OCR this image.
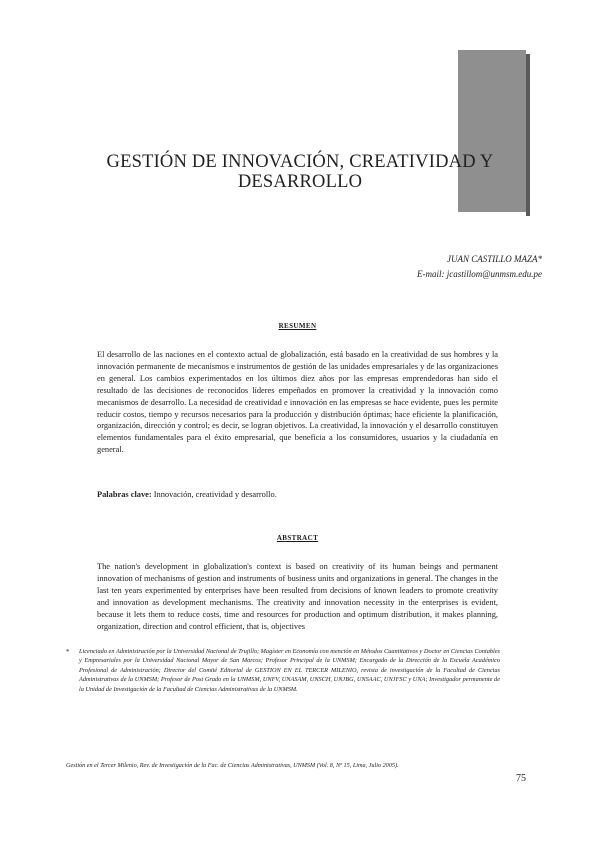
GESTIÓN DE INNOVACIÓN, CREATIVIDAD Y DESARROLLO
JUAN CASTILLO MAZA*
E-mail: jcastillom@unmsm.edu.pe
RESUMEN

El desarrollo de las naciones en el contexto actual de globalización, está basado en la creatividad de sus hombres y la innovación permanente de mecanismos e instrumentos de gestión de las unidades empresariales y de las organizaciones en general. Los cambios experimentados en los últimos diez años por las empresas emprendedoras han sido el resultado de las decisiones de reconocidos líderes empeñados en promover la creatividad y la innovación como mecanismos de desarrollo. La necesidad de creatividad e innovación en las empresas se hace evidente, pues les permite reducir costos, tiempo y recursos necesarios para la producción y distribución óptimas; hace eficiente la planificación, organización, dirección y control; es decir, se logran objetivos. La creatividad, la innovación y el desarrollo constituyen elementos fundamentales para el éxito empresarial, que beneficia a los consumidores, usuarios y la ciudadanía en general.

Palabras clave: Innovación, creatividad y desarrollo.

ABSTRACT

The nation's development in globalization's context is based on creativity of its human beings and permanent innovation of mechanisms of gestion and instruments of business units and organizations in general. The changes in the last ten years experimented by enterprises have been resulted from decisions of known leaders to promote creativity and innovation as development mechanisms. The creativity and innovation necessity in the enterprises is evident, because it lets them to reduce costs, time and resources for production and optimum distribution, it makes planning, organization, direction and control efficient, that is, objectives

* Licenciado en Administración por la Universidad Nacional de Trujillo; Magíster en Economía con mención en Métodos Cuantitativos y Doctor en Ciencias Contables y Empresariales por la Universidad Nacional Mayor de San Marcos; Profesor Principal de la UNMSM; Encargado de la Dirección de la Escuela Académico Profesional de Administración; Director del Comité Editorial de GESTION EN EL TERCER MILENIO, revista de investigación de la Facultad de Ciencias Administrativas de la UNMSM; Profesor de Post Grado en la UNMSM, UNFV, UNASAM, UNSCH, UNJBG, UNSAAC, UNJFSC y UNA; Investigador permanente de la Unidad de Investigación de la Facultad de Ciencias Administrativas de la UNMSM.

Gestión en el Tercer Milenio, Rev. de Investigación de la Fac. de Ciencias Administrativas, UNMSM (Vol. 8, Nº 15, Lima, Julio 2005).
75
